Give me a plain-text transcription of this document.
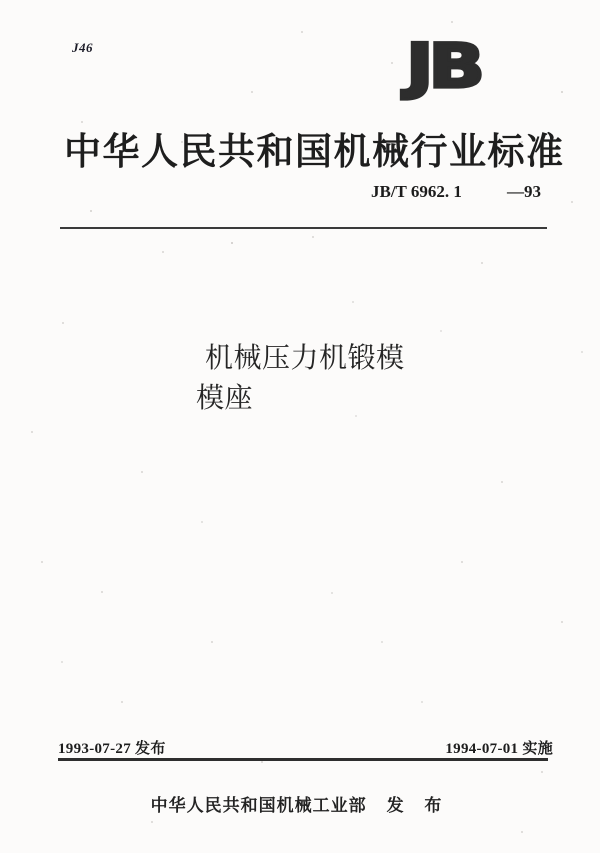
J46	JB
中华人民共和国机械行业标准
JB/T 6962. 1	—93
机械压力机锻模
模座
1993-07-27 发布	1994-07-01 实施
中华人民共和国机械工业部 发 布
